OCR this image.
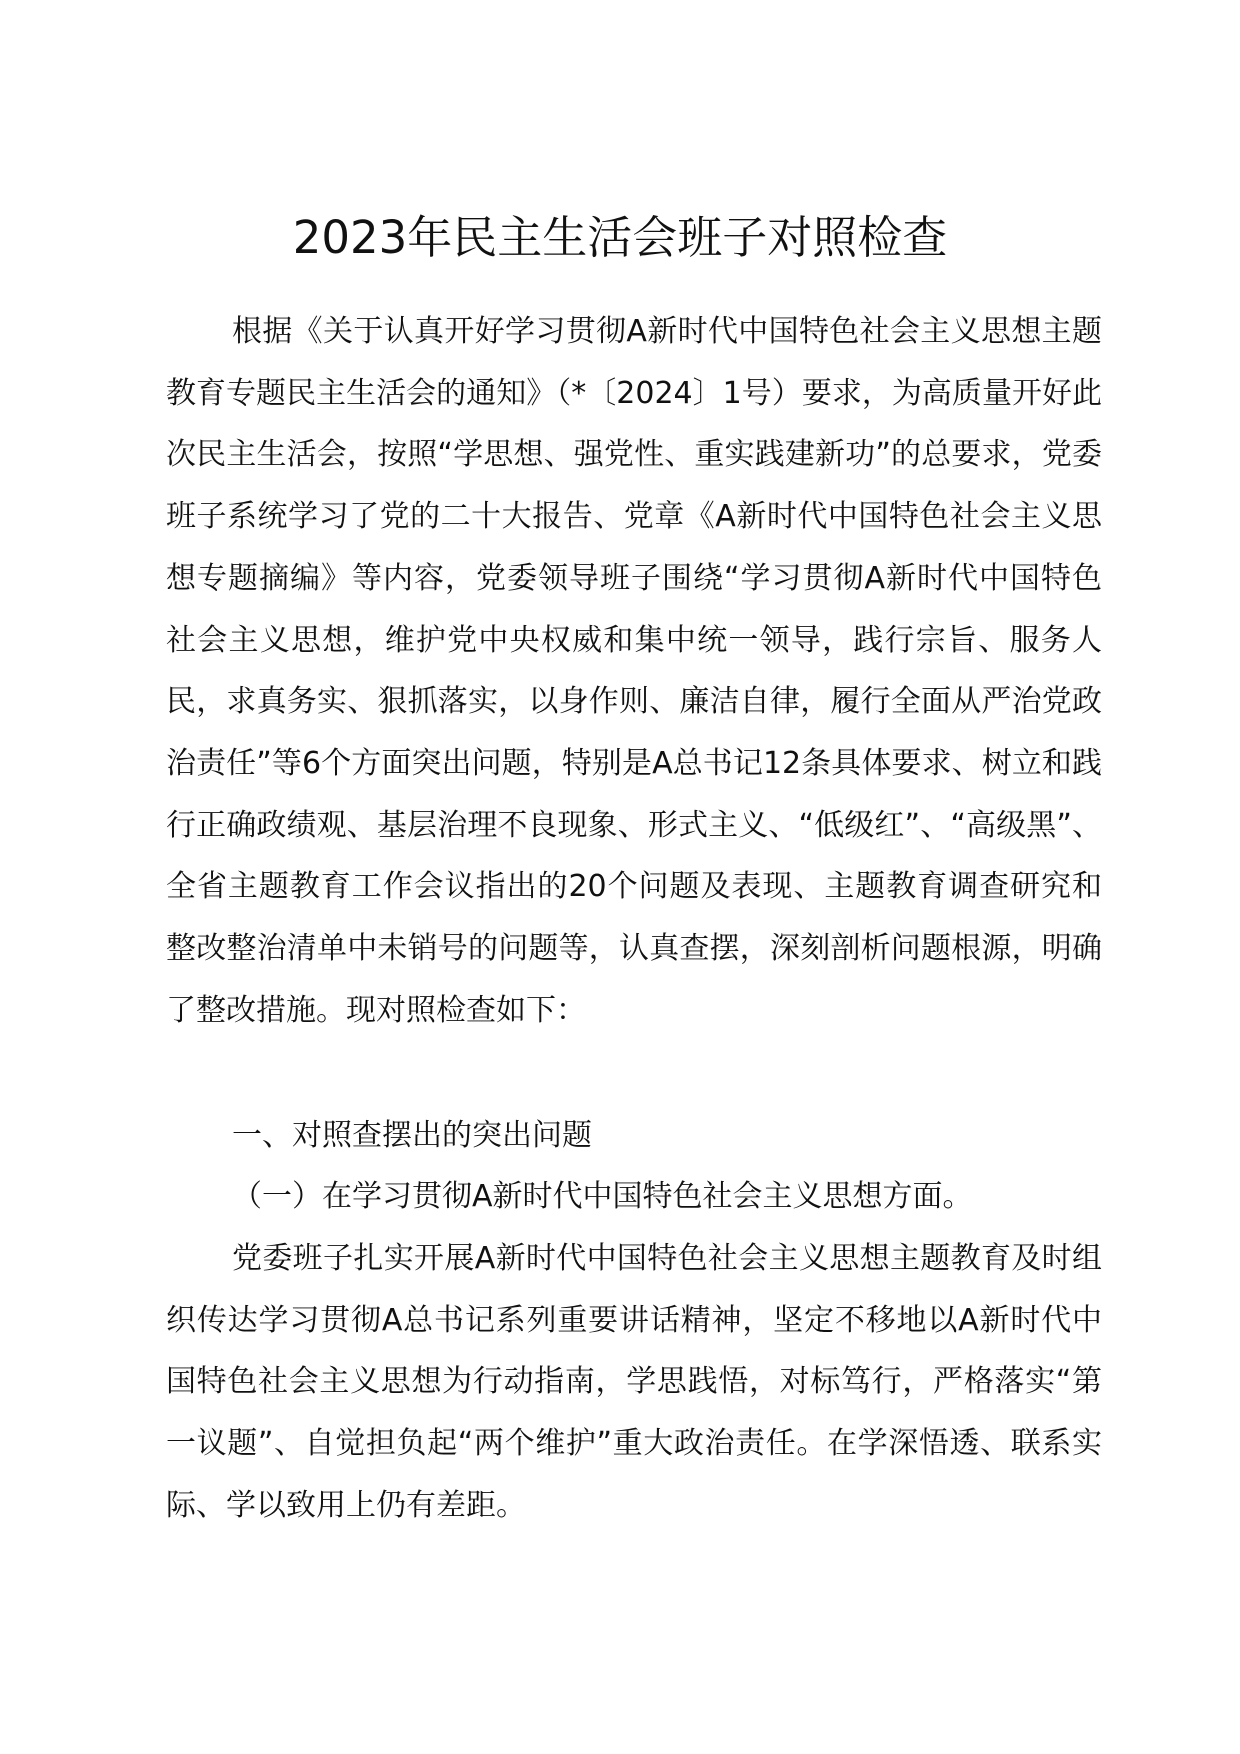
2023年民主生活会班子对照检查

根据《关于认真开好学习贯彻A新时代中国特色社会主义思想主题教育专题民主生活会的通知》（*〔2024〕1号）要求，为高质量开好此次民主生活会，按照“学思想、强党性、重实践建新功”的总要求，党委班子系统学习了党的二十大报告、党章《A新时代中国特色社会主义思想专题摘编》等内容，党委领导班子围绕“学习贯彻A新时代中国特色社会主义思想，维护党中央权威和集中统一领导，践行宗旨、服务人民，求真务实、狠抓落实，以身作则、廉洁自律，履行全面从严治党政治责任”等6个方面突出问题，特别是A总书记12条具体要求、树立和践行正确政绩观、基层治理不良现象、形式主义、“低级红”、“高级黑”、全省主题教育工作会议指出的20个问题及表现、主题教育调查研究和整改整治清单中未销号的问题等，认真查摆，深刻剖析问题根源，明确了整改措施。现对照检查如下：

一、对照查摆出的突出问题

（一）在学习贯彻A新时代中国特色社会主义思想方面。

党委班子扎实开展A新时代中国特色社会主义思想主题教育及时组织传达学习贯彻A总书记系列重要讲话精神，坚定不移地以A新时代中国特色社会主义思想为行动指南，学思践悟，对标笃行，严格落实“第一议题”、自觉担负起“两个维护”重大政治责任。在学深悟透、联系实际、学以致用上仍有差距。
